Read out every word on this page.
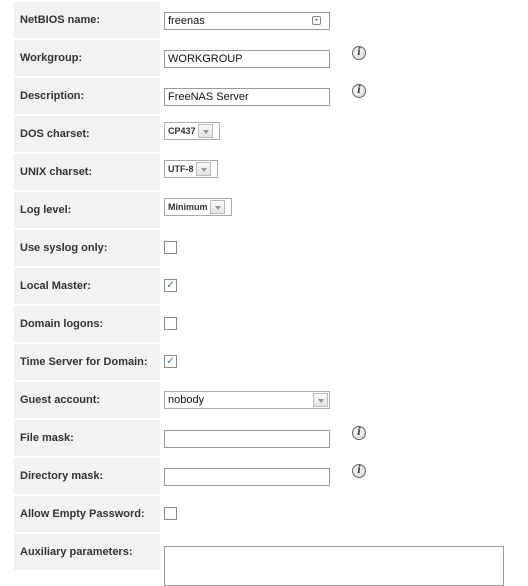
NetBIOS name:	freenas	▪
Workgroup:	WORKGROUP
i
Description:	FreeNAS Server
i
DOS charset:	CP437
UNIX charset:	UTF-8
Log level:	Minimum
Use syslog only:
Local Master:	✓
Domain logons:
Time Server for Domain:	✓
Guest account:	nobody
File mask:	i
Directory mask:	i
Allow Empty Password:
Auxiliary parameters:
